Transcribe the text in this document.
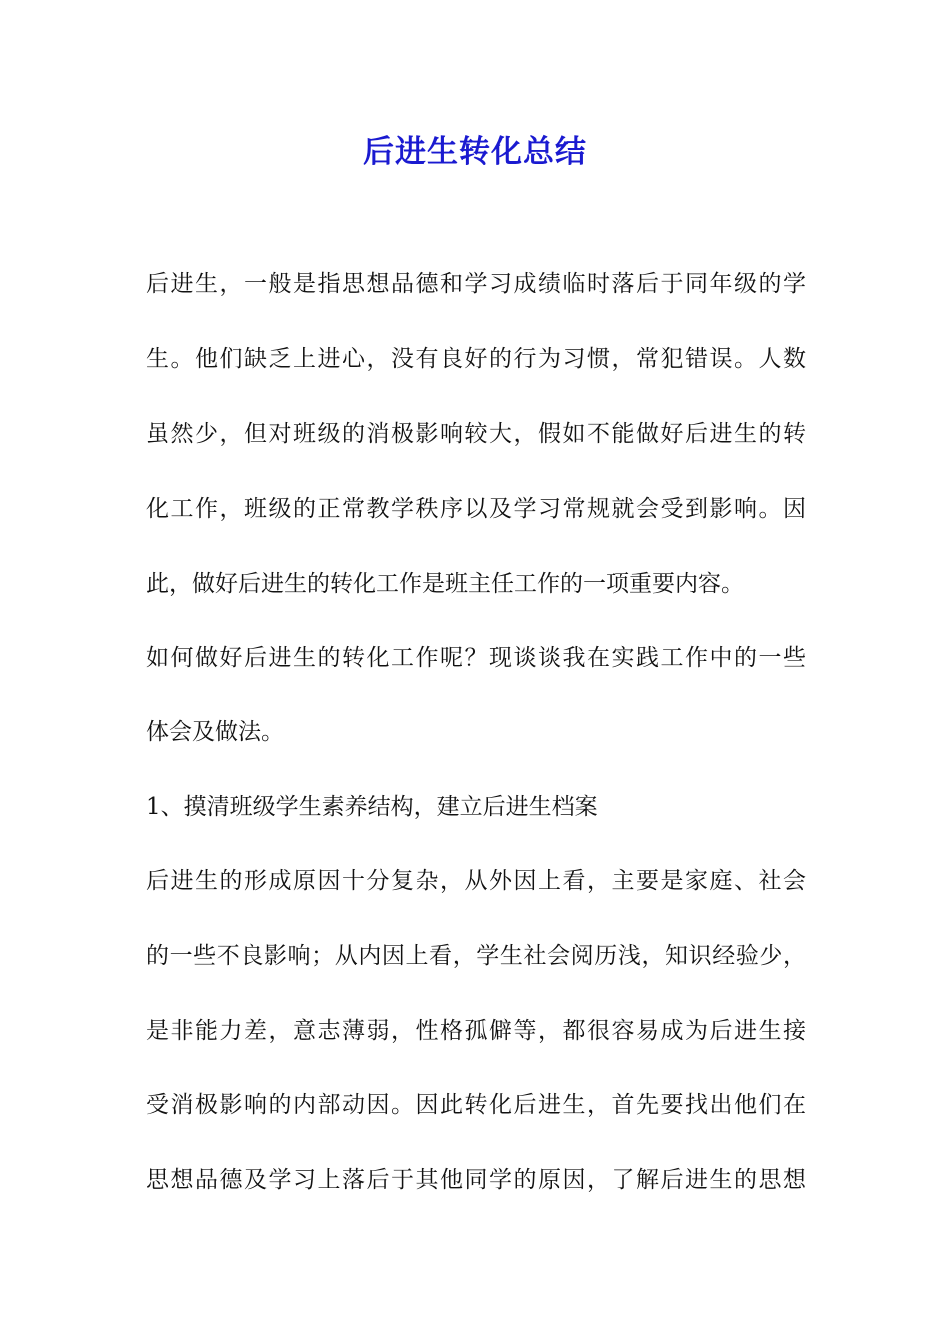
后进生转化总结
后进生，一般是指思想品德和学习成绩临时落后于同年级的学
生。他们缺乏上进心，没有良好的行为习惯，常犯错误。人数
虽然少，但对班级的消极影响较大，假如不能做好后进生的转
化工作，班级的正常教学秩序以及学习常规就会受到影响。因
此，做好后进生的转化工作是班主任工作的一项重要内容。
如何做好后进生的转化工作呢？现谈谈我在实践工作中的一些
体会及做法。
1、摸清班级学生素养结构，建立后进生档案
后进生的形成原因十分复杂，从外因上看，主要是家庭、社会
的一些不良影响；从内因上看，学生社会阅历浅，知识经验少，
是非能力差，意志薄弱，性格孤僻等，都很容易成为后进生接
受消极影响的内部动因。因此转化后进生，首先要找出他们在
思想品德及学习上落后于其他同学的原因，了解后进生的思想
